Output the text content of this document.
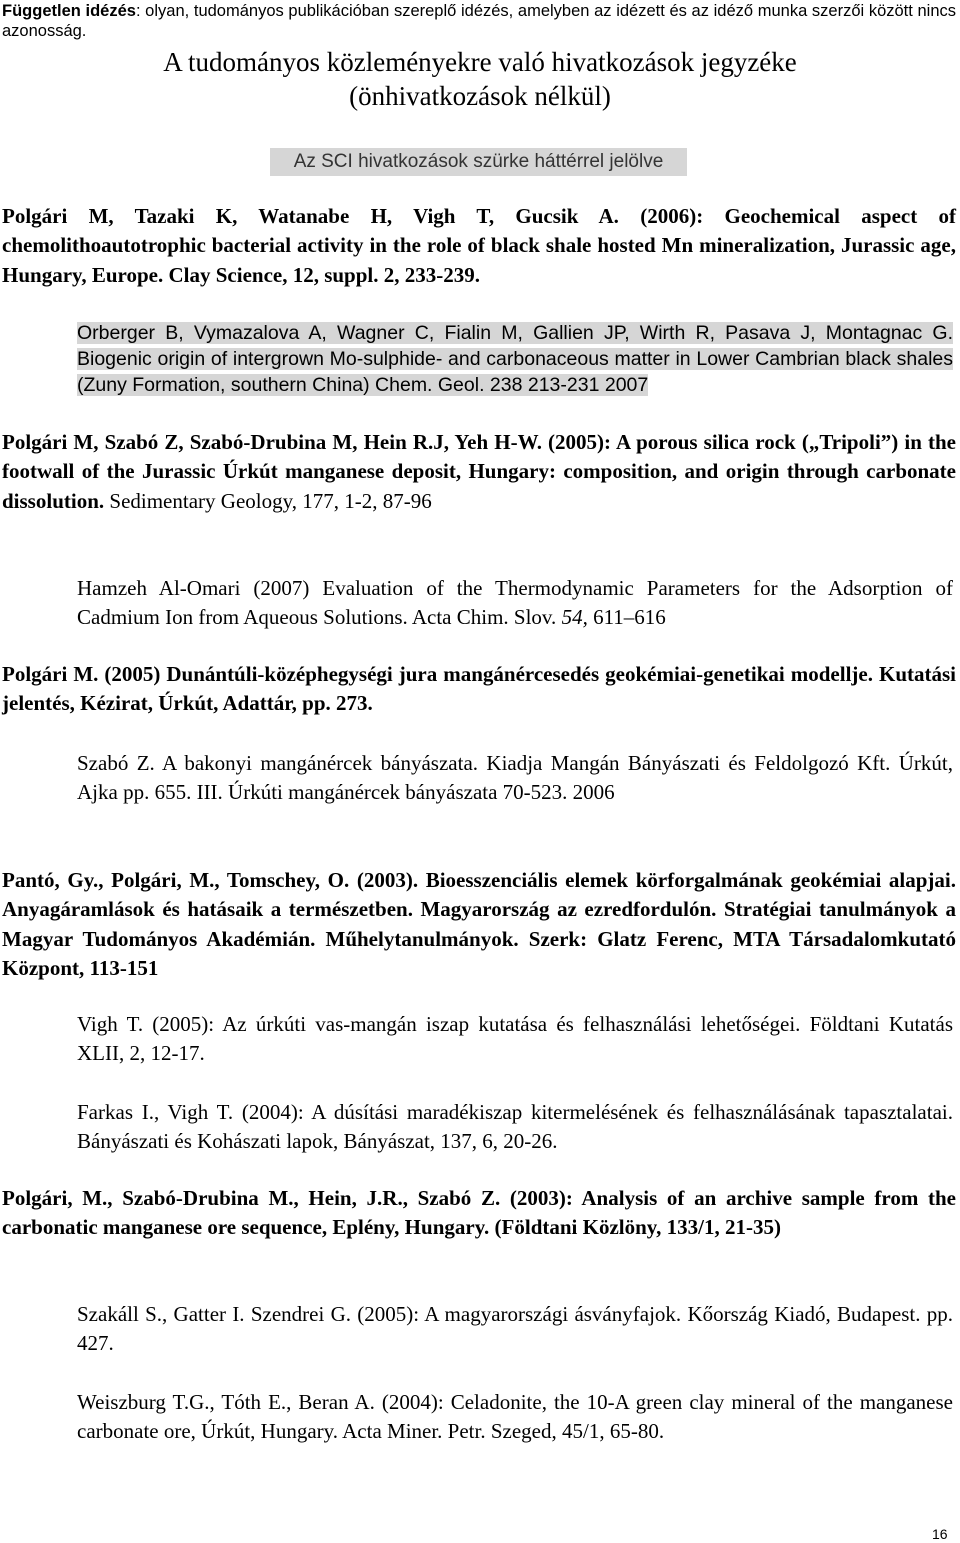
Független idézés: olyan, tudományos publikációban szereplő idézés, amelyben az idézett és az idéző munka szerzői között nincs azonosság.
A tudományos közleményekre való hivatkozások jegyzéke
(önhivatkozások nélkül)
Az SCI hivatkozások szürke háttérrel jelölve
Polgári M, Tazaki K, Watanabe H, Vigh T, Gucsik A. (2006): Geochemical aspect of chemolithoautotrophic bacterial activity in the role of black shale hosted Mn mineralization, Jurassic age, Hungary, Europe. Clay Science, 12, suppl. 2, 233-239.
Orberger B, Vymazalova A, Wagner C, Fialin M, Gallien JP, Wirth R, Pasava J, Montagnac G. Biogenic origin of intergrown Mo-sulphide- and carbonaceous matter in Lower Cambrian black shales (Zuny Formation, southern China) Chem. Geol. 238 213-231 2007
Polgári M, Szabó Z, Szabó-Drubina M, Hein R.J, Yeh H-W. (2005): A porous silica rock („Tripoli”) in the footwall of the Jurassic Úrkút manganese deposit, Hungary: composition, and origin through carbonate dissolution. Sedimentary Geology, 177, 1-2, 87-96
Hamzeh Al-Omari (2007) Evaluation of the Thermodynamic Parameters for the Adsorption of Cadmium Ion from Aqueous Solutions. Acta Chim. Slov. 54, 611–616
Polgári M. (2005) Dunántúli-középhegységi jura mangánércesedés geokémiai-genetikai modellje. Kutatási jelentés, Kézirat, Úrkút, Adattár, pp. 273.
Szabó Z. A bakonyi mangánércek bányászata. Kiadja Mangán Bányászati és Feldolgozó Kft. Úrkút, Ajka pp. 655. III. Úrkúti mangánércek bányászata 70-523. 2006
Pantó, Gy., Polgári, M., Tomschey, O. (2003). Bioesszenciális elemek körforgalmának geokémiai alapjai. Anyagáramlások és hatásaik a természetben. Magyarország az ezredfordulón. Stratégiai tanulmányok a Magyar Tudományos Akadémián. Műhelytanulmányok. Szerk: Glatz Ferenc, MTA Társadalomkutató Központ, 113-151
Vigh T. (2005): Az úrkúti vas-mangán iszap kutatása és felhasználási lehetőségei. Földtani Kutatás XLII, 2, 12-17.
Farkas I., Vigh T. (2004): A dúsítási maradékiszap kitermelésének és felhasználásának tapasztalatai. Bányászati és Kohászati lapok, Bányászat, 137, 6, 20-26.
Polgári, M., Szabó-Drubina M., Hein, J.R., Szabó Z. (2003): Analysis of an archive sample from the carbonatic manganese ore sequence, Eplény, Hungary. (Földtani Közlöny, 133/1, 21-35)
Szakáll S., Gatter I. Szendrei G. (2005): A magyarországi ásványfajok. Kőország Kiadó, Budapest. pp. 427.
Weiszburg T.G., Tóth E., Beran A. (2004): Celadonite, the 10-A green clay mineral of the manganese carbonate ore, Úrkút, Hungary. Acta Miner. Petr. Szeged, 45/1, 65-80.
16
